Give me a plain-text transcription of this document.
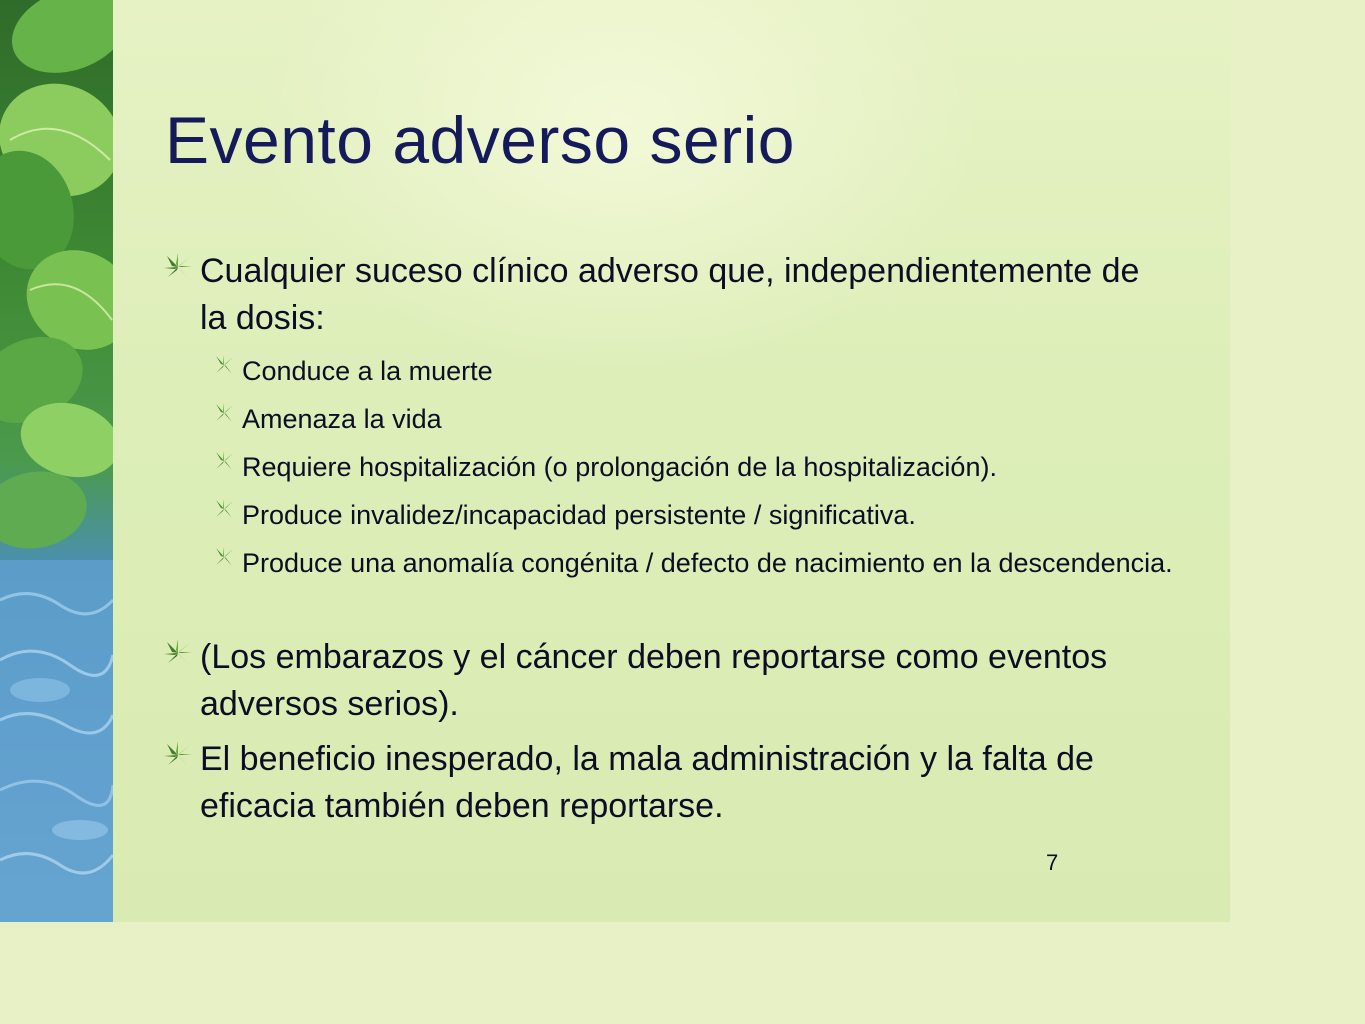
Evento adverso serio
Cualquier suceso clínico adverso que, independientemente de la dosis:
Conduce a la muerte
Amenaza la vida
Requiere hospitalización (o prolongación de la hospitalización).
Produce invalidez/incapacidad persistente / significativa.
Produce una anomalía congénita / defecto de nacimiento en la descendencia.
(Los embarazos y el cáncer deben reportarse como eventos adversos serios).
El beneficio inesperado, la mala administración y la falta de eficacia también deben reportarse.
7
